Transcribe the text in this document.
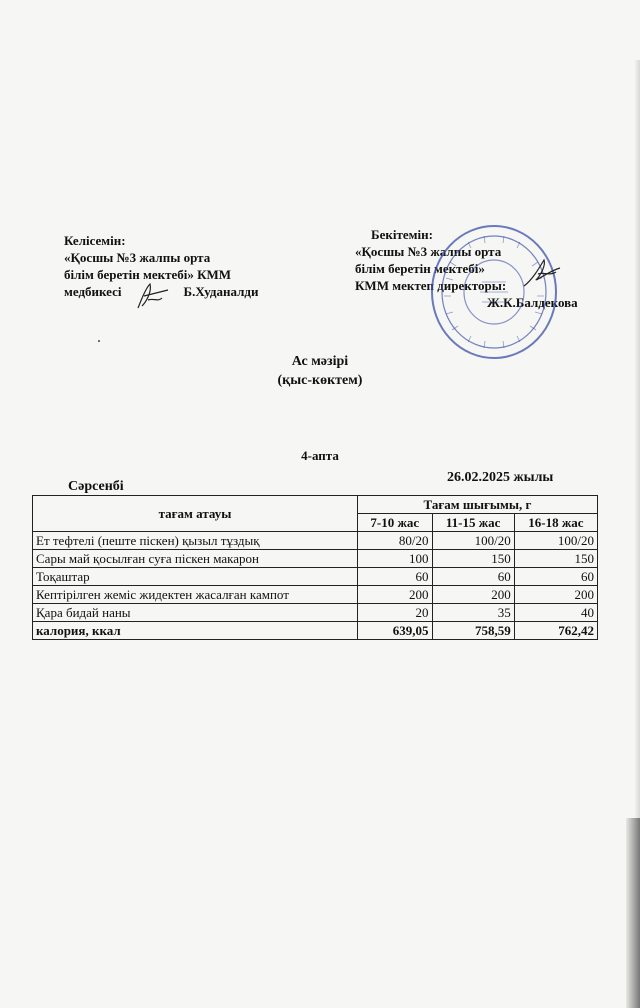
Келісемін:
«Қосшы №3 жалпы орта
білім беретін мектебі» КММ
медбикесі	Б.Худаналди
Бекітемін:
«Қосшы №3 жалпы орта
білім беретін мектебі»
КММ мектеп директоры:
Ж.К.Балдекова
Ас мәзірі
(қыс-көктем)
4-апта
Сәрсенбі
26.02.2025 жылы
тағам атауы	Тағам шығымы, г		
	7-10 жас	11-15 жас	16-18 жас
Ет тефтелі (пеште піскен) қызыл тұздық	80/20	100/20	100/20
Сары май қосылған суға піскен макарон	100	150	150
Тоқаштар	60	60	60
Кептірілген жеміс жидектен жасалған кампот	200	200	200
Қара бидай наны	20	35	40
калория, ккал	639,05	758,59	762,42
